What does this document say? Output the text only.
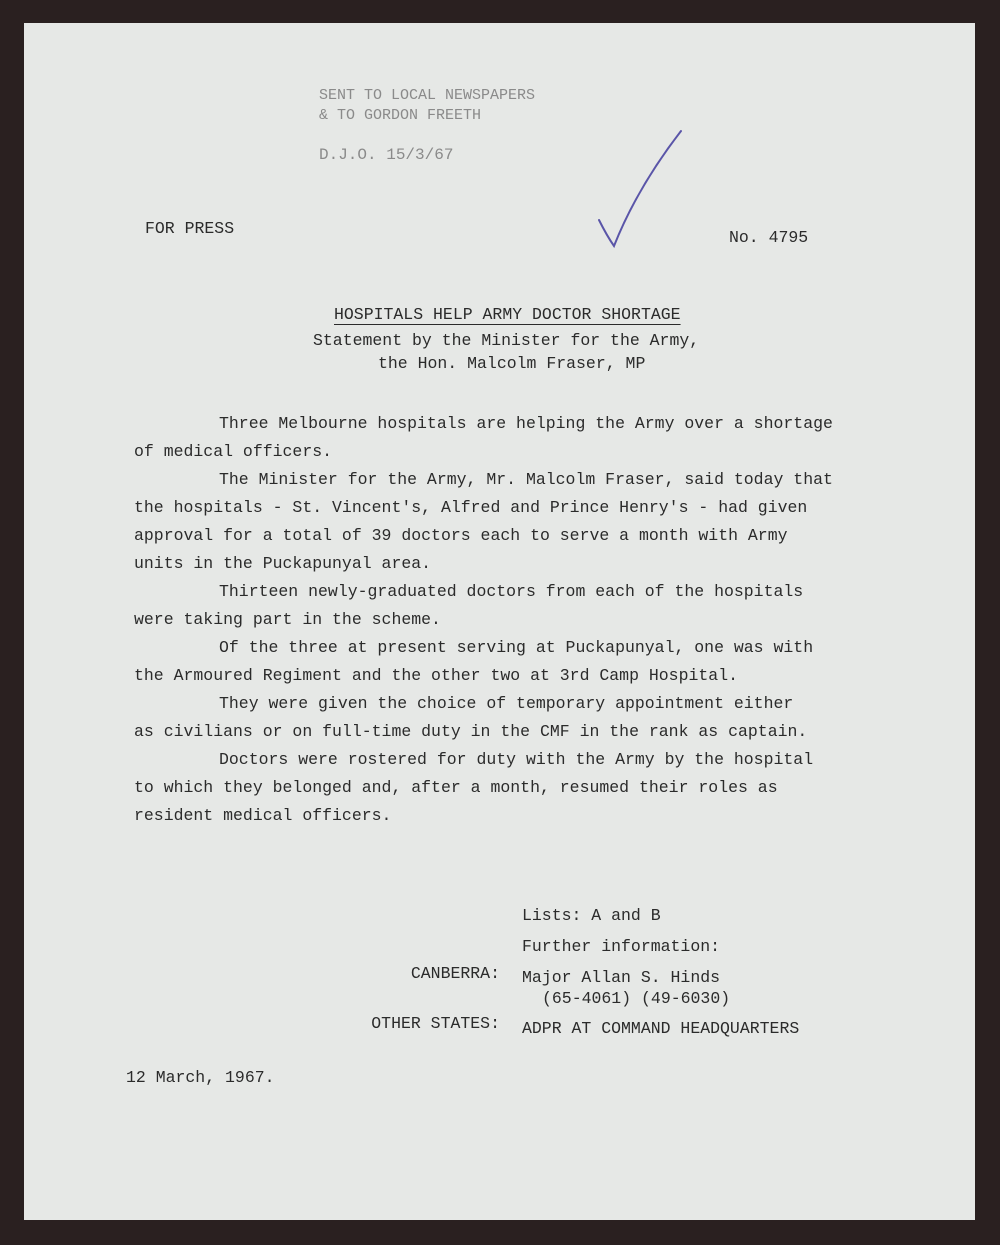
SENT TO LOCAL NEWSPAPERS
& TO GORDON FREETH
D.J.O. 15/3/67
FOR PRESS	No. 4795
HOSPITALS HELP ARMY DOCTOR SHORTAGE
Statement by the Minister for the Army,
the Hon. Malcolm Fraser, MP

Three Melbourne hospitals are helping the Army over a shortage

of medical officers.

The Minister for the Army, Mr. Malcolm Fraser, said today that

the hospitals - St. Vincent's, Alfred and Prince Henry's - had given

approval for a total of 39 doctors each to serve a month with Army

units in the Puckapunyal area.

Thirteen newly-graduated doctors from each of the hospitals

were taking part in the scheme.

Of the three at present serving at Puckapunyal, one was with

the Armoured Regiment and the other two at 3rd Camp Hospital.

They were given the choice of temporary appointment either

as civilians or on full-time duty in the CMF in the rank as captain.

Doctors were rostered for duty with the Army by the hospital

to which they belonged and, after a month, resumed their roles as

resident medical officers.

Lists: A and B
Further information:
CANBERRA: Major Allan S. Hinds
(65-4061) (49-6030)
OTHER STATES: ADPR AT COMMAND HEADQUARTERS
12 March, 1967.
